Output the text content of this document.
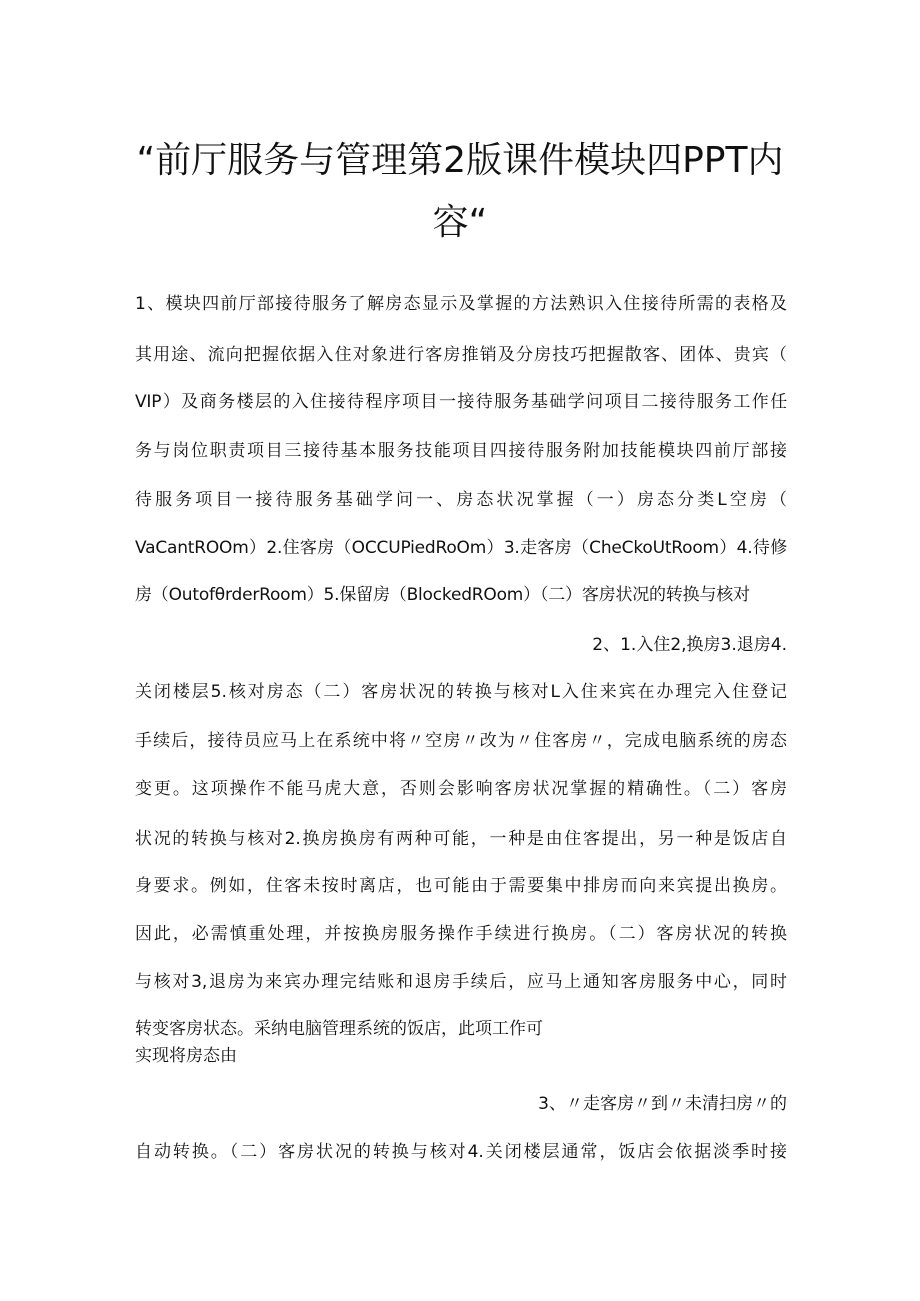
“前厅服务与管理第2版课件模块四PPT内
容“

1、模块四前厅部接待服务了解房态显示及掌握的方法熟识入住接待所需的表格及

其用途、流向把握依据入住对象进行客房推销及分房技巧把握散客、团体、贵宾（

VIP）及商务楼层的入住接待程序项目一接待服务基础学问项目二接待服务工作任

务与岗位职责项目三接待基本服务技能项目四接待服务附加技能模块四前厅部接

待服务项目一接待服务基础学问一、房态状况掌握（一）房态分类L空房（

VaCantROOm）2.住客房（OCCUPiedRoOm）3.走客房（CheCkoUtRoom）4.待修

房（OutofθrderRoom）5.保留房（BlockedROom）（二）客房状况的转换与核对

2、1.入住2,换房3.退房4.

关闭楼层5.核对房态（二）客房状况的转换与核对L入住来宾在办理完入住登记

手续后，接待员应马上在系统中将〃空房〃改为〃住客房〃，完成电脑系统的房态

变更。这项操作不能马虎大意，否则会影响客房状况掌握的精确性。（二）客房

状况的转换与核对2.换房换房有两种可能，一种是由住客提出，另一种是饭店自

身要求。例如，住客未按时离店，也可能由于需要集中排房而向来宾提出换房。

因此，必需慎重处理，并按换房服务操作手续进行换房。（二）客房状况的转换

与核对3,退房为来宾办理完结账和退房手续后，应马上通知客房服务中心，同时

转变客房状态。采纳电脑管理系统的饭店，此项工作可

实现将房态由

3、〃走客房〃到〃未清扫房〃的

自动转换。（二）客房状况的转换与核对4.关闭楼层通常，饭店会依据淡季时接
